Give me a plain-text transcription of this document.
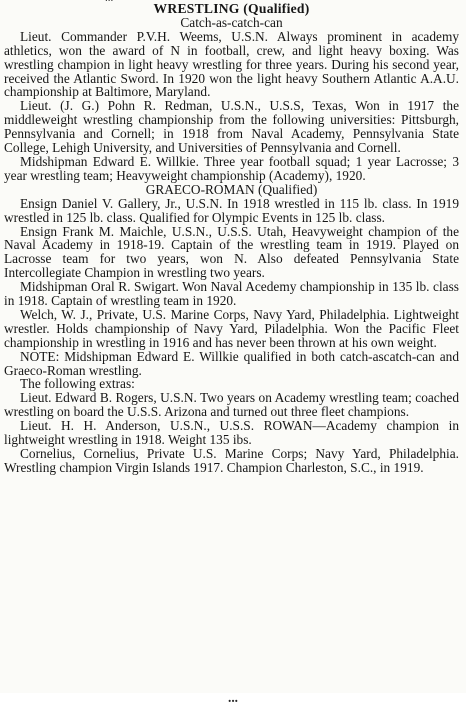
WRESTLING (Qualified)
Catch-as-catch-can

Lieut. Commander P.V.H. Weems, U.S.N. Always prominent in academy athletics, won the award of N in football, crew, and light heavy boxing. Was wrestling champion in light heavy wrestling for three years. During his second year, received the Atlantic Sword. In 1920 won the light heavy Southern Atlantic A.A.U. championship at Baltimore, Maryland.

Lieut. (J. G.) Pohn R. Redman, U.S.N., U.S.S, Texas, Won in 1917 the middleweight wrestling championship from the following universities: Pittsburgh, Pennsylvania and Cornell; in 1918 from Naval Academy, Pennsylvania State College, Lehigh University, and Universities of Pennsylvania and Cornell.

Midshipman Edward E. Willkie. Three year football squad; 1 year Lacrosse; 3 year wrestling team; Heavyweight championship (Academy), 1920.

GRAECO-ROMAN (Qualified)

Ensign Daniel V. Gallery, Jr., U.S.N. In 1918 wrestled in 115 lb. class. In 1919 wrestled in 125 lb. class. Qualified for Olympic Events in 125 lb. class.

Ensign Frank M. Maichle, U.S.N., U.S.S. Utah, Heavyweight champion of the Naval Academy in 1918-19. Captain of the wrestling team in 1919. Played on Lacrosse team for two years, won N. Also defeated Pennsylvania State Intercollegiate Champion in wrestling two years.

Midshipman Oral R. Swigart. Won Naval Acedemy championship in 135 lb. class in 1918. Captain of wrestling team in 1920.

Welch, W. J., Private, U.S. Marine Corps, Navy Yard, Philadelphia. Lightweight wrestler. Holds championship of Navy Yard, Piladelphia. Won the Pacific Fleet championship in wrestling in 1916 and has never been thrown at his own weight.

NOTE: Midshipman Edward E. Willkie qualified in both catch-ascatch-can and Graeco-Roman wrestling.

The following extras:

Lieut. Edward B. Rogers, U.S.N. Two years on Academy wrestling team; coached wrestling on board the U.S.S. Arizona and turned out three fleet champions.

Lieut. H. H. Anderson, U.S.N., U.S.S. ROWAN—Academy champion in lightweight wrestling in 1918. Weight 135 ibs.

Cornelius, Cornelius, Private U.S. Marine Corps; Navy Yard, Philadelphia. Wrestling champion Virgin Islands 1917. Champion Charleston, S.C., in 1919.

...
